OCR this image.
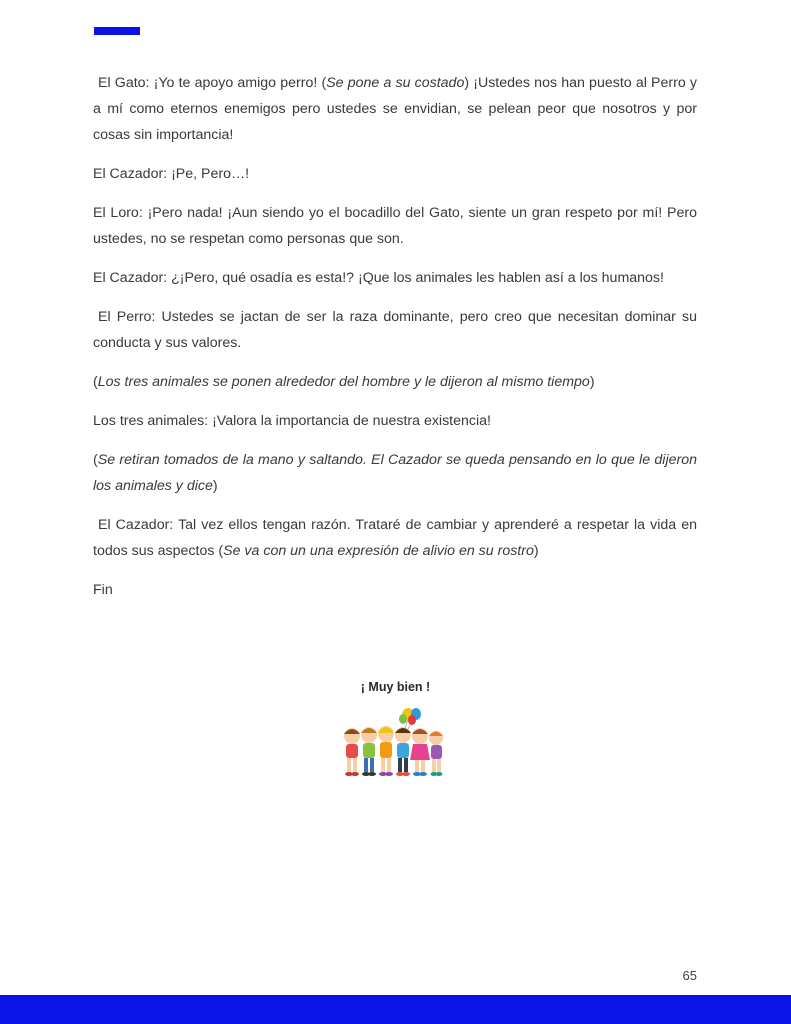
El Gato: ¡Yo te apoyo amigo perro! (Se pone a su costado) ¡Ustedes nos han puesto al Perro y a mí como eternos enemigos pero ustedes se envidian, se pelean peor que nosotros y por cosas sin importancia!

El Cazador: ¡Pe, Pero…!

El Loro: ¡Pero nada! ¡Aun siendo yo el bocadillo del Gato, siente un gran respeto por mí! Pero ustedes, no se respetan como personas que son.

El Cazador: ¿¡Pero, qué osadía es esta!? ¡Que los animales les hablen así a los humanos!

El Perro: Ustedes se jactan de ser la raza dominante, pero creo que necesitan dominar su conducta y sus valores.

(Los tres animales se ponen alrededor del hombre y le dijeron al mismo tiempo)

Los tres animales: ¡Valora la importancia de nuestra existencia!

(Se retiran tomados de la mano y saltando. El Cazador se queda pensando en lo que le dijeron los animales y dice)

El Cazador: Tal vez ellos tengan razón. Trataré de cambiar y aprenderé a respetar la vida en todos sus aspectos (Se va con un una expresión de alivio en su rostro)

Fin

¡ Muy bien !
65
